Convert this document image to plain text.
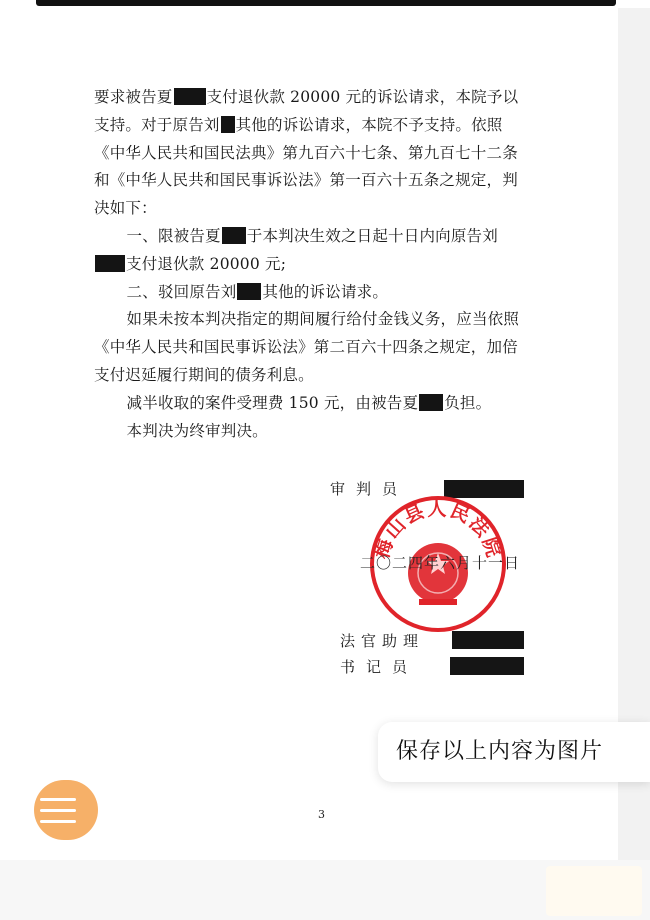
要求被告夏 支付退伙款 20000 元的诉讼请求，本院予以支持。对于原告刘 其他的诉讼请求，本院不予支持。依照《中华人民共和国民法典》第九百六十七条、第九百七十二条和《中华人民共和国民事诉讼法》第一百六十五条之规定，判决如下：

一、限被告夏 于本判决生效之日起十日内向原告刘支付退伙款 20000 元;

二、驳回原告刘 其他的诉讼请求。

如果未按本判决指定的期间履行给付金钱义务，应当依照《中华人民共和国民事诉讼法》第二百六十四条之规定，加倍支付迟延履行期间的债务利息。

减半收取的案件受理费 150 元，由被告夏 负担。

本判决为终审判决。

审判员
梅山县人民法院
二〇二四年六月十一日
法官助理
书记员
保存以上内容为图片
3
